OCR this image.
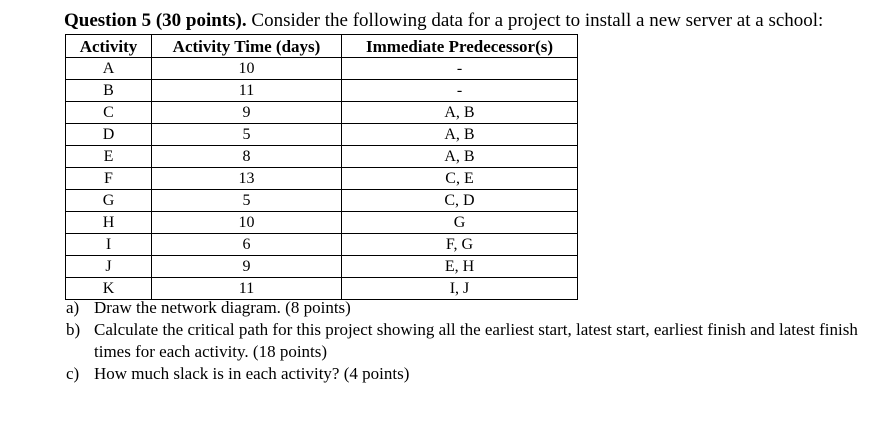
Question 5 (30 points). Consider the following data for a project to install a new server at a school:
Activity	Activity Time (days)	Immediate Predecessor(s)
A	10	-
B	11	-
C	9	A, B
D	5	A, B
E	8	A, B
F	13	C, E
G	5	C, D
H	10	G
I	6	F, G
J	9	E, H
K	11	I, J
a) Draw the network diagram. (8 points)
b) Calculate the critical path for this project showing all the earliest start, latest start, earliest finish and latest finish times for each activity. (18 points)
c) How much slack is in each activity? (4 points)
